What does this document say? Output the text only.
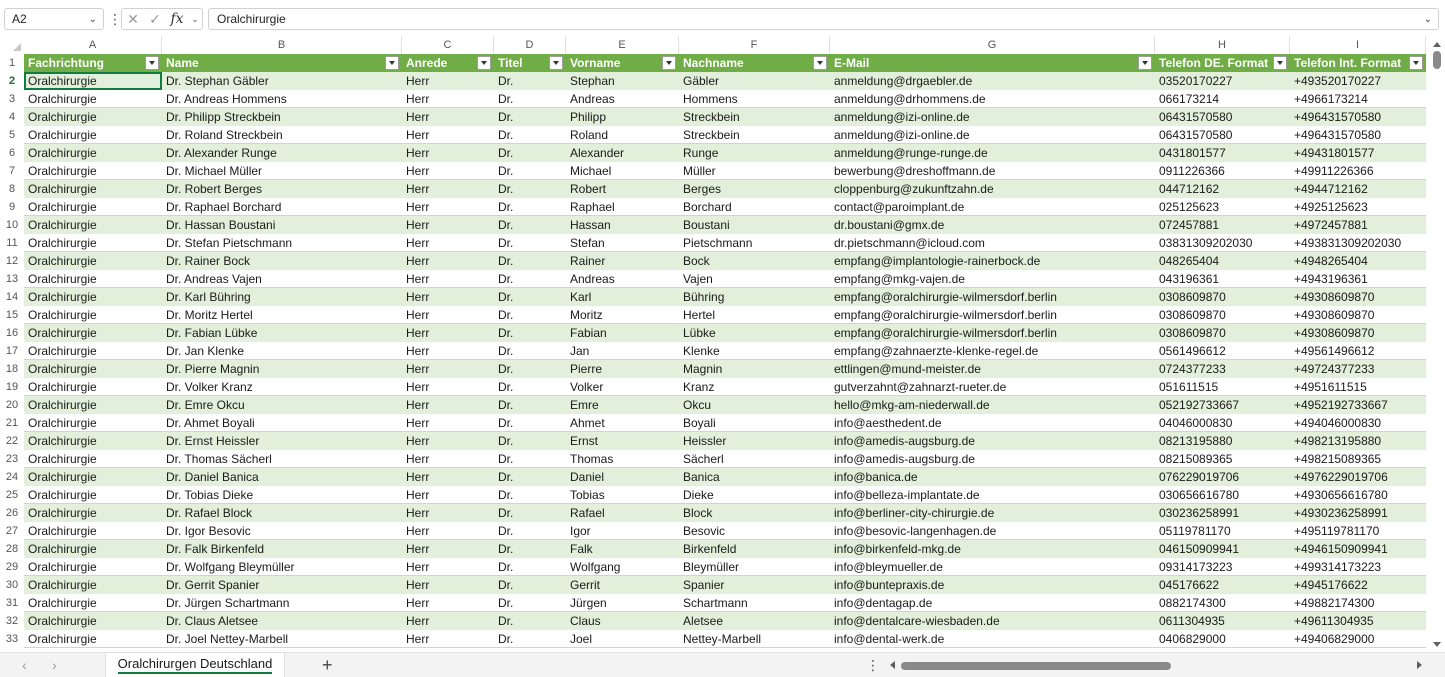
A2	⌄ ⋮ ✕ ✓ fx ⌄ Oralchirurgie	⌄
A	B	C	D	E	F	G	H	I
1
2
3
4
5
6
7
8
9
10
11
12
13
14
15
16
17
18
19
20
21
22
23
24
25
26
27
28
29
30
31
32
33
Fachrichtung	Name	Anrede	Titel	Vorname	Nachname	E-Mail	Telefon DE. Format	Telefon Int. Format
Oralchirurgie	Dr. Stephan Gäbler	Herr	Dr.	Stephan	Gäbler	anmeldung@drgaebler.de	03520170227	+493520170227
Oralchirurgie	Dr. Andreas Hommens	Herr	Dr.	Andreas	Hommens	anmeldung@drhommens.de	066173214	+4966173214
Oralchirurgie	Dr. Philipp Streckbein	Herr	Dr.	Philipp	Streckbein	anmeldung@izi-online.de	06431570580	+496431570580
Oralchirurgie	Dr. Roland Streckbein	Herr	Dr.	Roland	Streckbein	anmeldung@izi-online.de	06431570580	+496431570580
Oralchirurgie	Dr. Alexander Runge	Herr	Dr.	Alexander	Runge	anmeldung@runge-runge.de	0431801577	+49431801577
Oralchirurgie	Dr. Michael Müller	Herr	Dr.	Michael	Müller	bewerbung@dreshoffmann.de	0911226366	+49911226366
Oralchirurgie	Dr. Robert Berges	Herr	Dr.	Robert	Berges	cloppenburg@zukunftzahn.de	044712162	+4944712162
Oralchirurgie	Dr. Raphael Borchard	Herr	Dr.	Raphael	Borchard	contact@paroimplant.de	025125623	+4925125623
Oralchirurgie	Dr. Hassan Boustani	Herr	Dr.	Hassan	Boustani	dr.boustani@gmx.de	072457881	+4972457881
Oralchirurgie	Dr. Stefan Pietschmann	Herr	Dr.	Stefan	Pietschmann	dr.pietschmann@icloud.com	03831309202030	+493831309202030
Oralchirurgie	Dr. Rainer Bock	Herr	Dr.	Rainer	Bock	empfang@implantologie-rainerbock.de	048265404	+4948265404
Oralchirurgie	Dr. Andreas Vajen	Herr	Dr.	Andreas	Vajen	empfang@mkg-vajen.de	043196361	+4943196361
Oralchirurgie	Dr. Karl Bühring	Herr	Dr.	Karl	Bühring	empfang@oralchirurgie-wilmersdorf.berlin	0308609870	+49308609870
Oralchirurgie	Dr. Moritz Hertel	Herr	Dr.	Moritz	Hertel	empfang@oralchirurgie-wilmersdorf.berlin	0308609870	+49308609870
Oralchirurgie	Dr. Fabian Lübke	Herr	Dr.	Fabian	Lübke	empfang@oralchirurgie-wilmersdorf.berlin	0308609870	+49308609870
Oralchirurgie	Dr. Jan Klenke	Herr	Dr.	Jan	Klenke	empfang@zahnaerzte-klenke-regel.de	0561496612	+49561496612
Oralchirurgie	Dr. Pierre Magnin	Herr	Dr.	Pierre	Magnin	ettlingen@mund-meister.de	0724377233	+49724377233
Oralchirurgie	Dr. Volker Kranz	Herr	Dr.	Volker	Kranz	gutverzahnt@zahnarzt-rueter.de	051611515	+4951611515
Oralchirurgie	Dr. Emre Okcu	Herr	Dr.	Emre	Okcu	hello@mkg-am-niederwall.de	052192733667	+4952192733667
Oralchirurgie	Dr. Ahmet Boyali	Herr	Dr.	Ahmet	Boyali	info@aesthedent.de	04046000830	+494046000830
Oralchirurgie	Dr. Ernst Heissler	Herr	Dr.	Ernst	Heissler	info@amedis-augsburg.de	08213195880	+498213195880
Oralchirurgie	Dr. Thomas Sächerl	Herr	Dr.	Thomas	Sächerl	info@amedis-augsburg.de	08215089365	+498215089365
Oralchirurgie	Dr. Daniel Banica	Herr	Dr.	Daniel	Banica	info@banica.de	076229019706	+4976229019706
Oralchirurgie	Dr. Tobias Dieke	Herr	Dr.	Tobias	Dieke	info@belleza-implantate.de	030656616780	+4930656616780
Oralchirurgie	Dr. Rafael Block	Herr	Dr.	Rafael	Block	info@berliner-city-chirurgie.de	030236258991	+4930236258991
Oralchirurgie	Dr. Igor Besovic	Herr	Dr.	Igor	Besovic	info@besovic-langenhagen.de	05119781170	+495119781170
Oralchirurgie	Dr. Falk Birkenfeld	Herr	Dr.	Falk	Birkenfeld	info@birkenfeld-mkg.de	046150909941	+4946150909941
Oralchirurgie	Dr. Wolfgang Bleymüller	Herr	Dr.	Wolfgang	Bleymüller	info@bleymueller.de	09314173223	+499314173223
Oralchirurgie	Dr. Gerrit Spanier	Herr	Dr.	Gerrit	Spanier	info@buntepraxis.de	045176622	+4945176622
Oralchirurgie	Dr. Jürgen Schartmann	Herr	Dr.	Jürgen	Schartmann	info@dentagap.de	0882174300	+49882174300
Oralchirurgie	Dr. Claus Aletsee	Herr	Dr.	Claus	Aletsee	info@dentalcare-wiesbaden.de	0611304935	+49611304935
Oralchirurgie	Dr. Joel Nettey-Marbell	Herr	Dr.	Joel	Nettey-Marbell	info@dental-werk.de	0406829000	+49406829000
‹ ›	Oralchirurgen Deutschland	+	⋮
